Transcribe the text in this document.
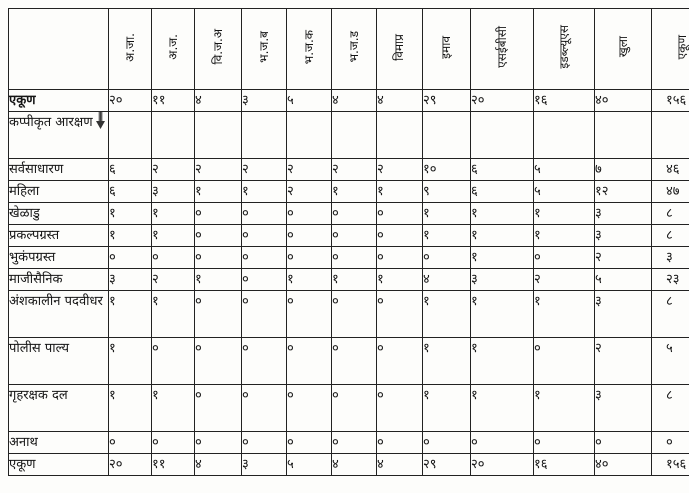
	अ.जा.	अ.ज.	वि.ज.अ	भ.ज.ब	भ.ज.क	भ.ज.ड	विमाप्र	इमाव	एसईबीसी	इडब्ल्यूएस	खुला	एकूण
एकूण	२०	११	४	३	५	४	४	२९	२०	१६	४०	१५६
कप्पीकृत आरक्षण

सर्वसाधारण	६	२	२	२	२	२	२	१०	६	५	७	४६
महिला	६	३	१	१	२	१	१	९	६	५	१२	४७
खेळाडु	१	१	०	०	०	०	०	१	१	१	३	८
प्रकल्पग्रस्त	१	१	०	०	०	०	०	१	१	१	३	८
भुकंपग्रस्त	०	०	०	०	०	०	०	०	१	०	२	३
माजीसैनिक	३	२	१	०	१	१	१	४	३	२	५	२३
अंशकालीन पदवीधर	१	१	०	०	०	०	०	१	१	१	३	८
पोलीस पाल्य	१	०	०	०	०	०	०	१	१	०	२	५
गृहरक्षक दल	१	१	०	०	०	०	०	१	१	१	३	८
अनाथ	०	०	०	०	०	०	०	०	०	०	०	०
एकूण	२०	११	४	३	५	४	४	२९	२०	१६	४०	१५६
